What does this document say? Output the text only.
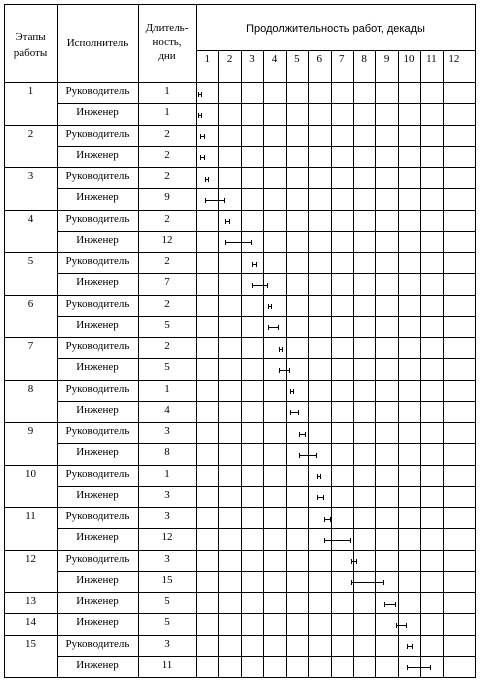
Этапы
работы
Исполнитель
Длитель-
ность,
дни
Продолжительность работ, декады
1	2	3	4	5	6	7	8	9	10	11	12
1	Руководитель	1
Инженер	1
2	Руководитель	2
Инженер	2
3	Руководитель	2
Инженер	9
4	Руководитель	2
Инженер	12
5	Руководитель	2
Инженер	7
6	Руководитель	2
Инженер	5
7	Руководитель	2
Инженер	5
8	Руководитель	1
Инженер	4
9	Руководитель	3
Инженер	8
10	Руководитель	1
Инженер	3
11	Руководитель	3
Инженер	12
12	Руководитель	3
Инженер	15
13	Инженер	5
14	Инженер	5
15	Руководитель	3
Инженер	11
